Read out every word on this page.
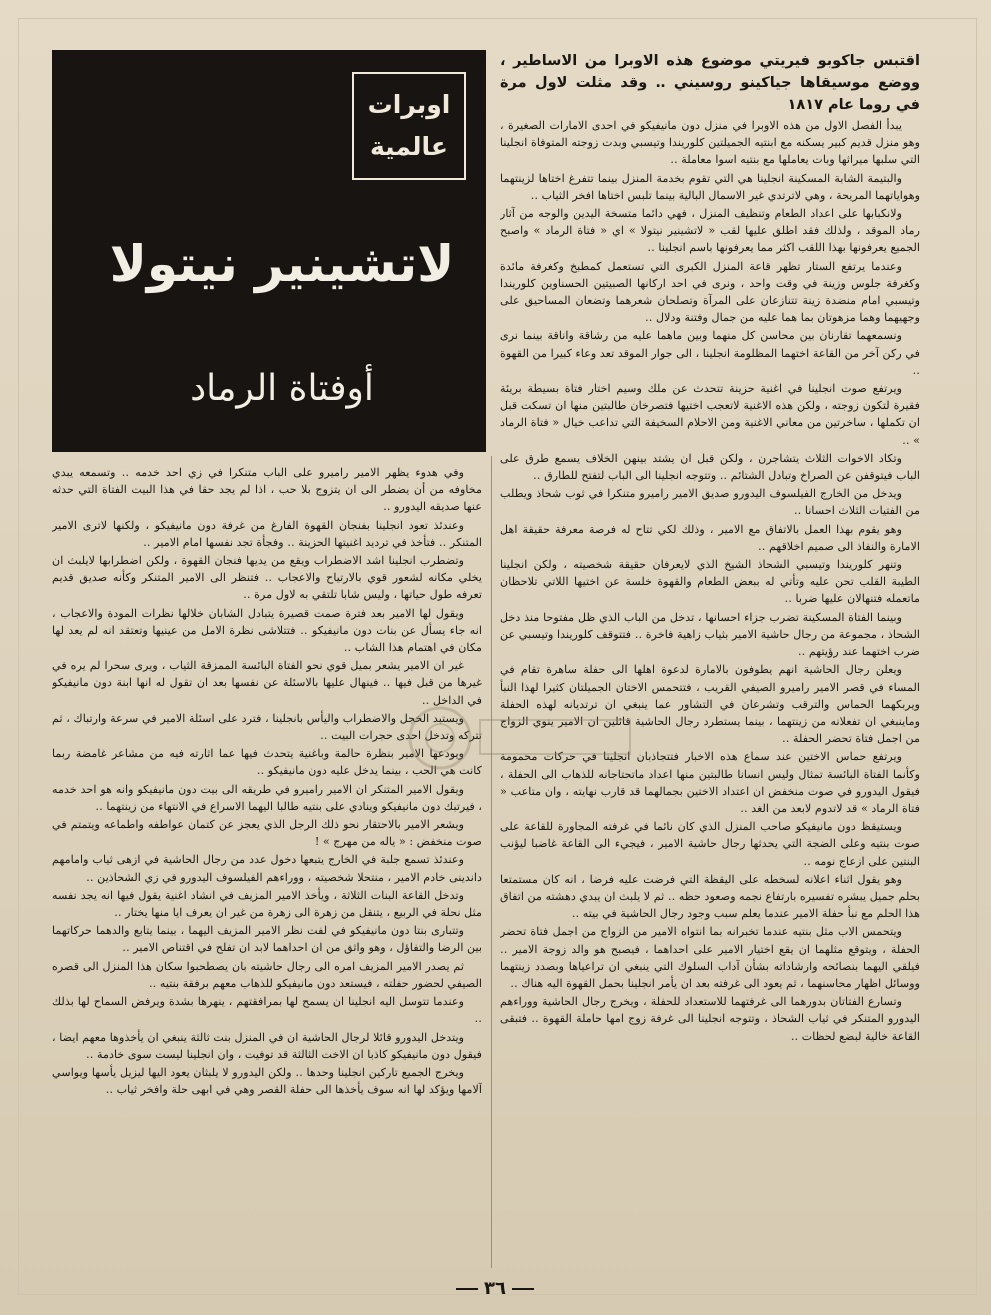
اوبرات
عالمية
لاتشينير نيتولا
أوفتاة الرماد

اقتبس جاكوبو فيريتي موضوع هذه الاوبرا من الاساطير ، ووضع موسيقاها جياكينو روسيني ‥ وقد مثلت لاول مرة في روما عام ١٨١٧

يبدأ الفصل الاول من هذه الاوبرا في منزل دون مانيفيكو في احدى الامارات الصغيرة ، وهو منزل قديم كبير يسكنه مع ابنتيه الجميلتين كلوريندا وتيسبي وبدت زوجته المتوفاة انجلينا التي سلبها ميراثها وبات يعاملها مع بنتيه اسوا معاملة ‥

والبتيمة الشابة المسكينة انجلينا هي التي تقوم بخدمة المنزل بينما تتفرغ اختاها لزينتهما وهواياتهما المريحة ، وهي لاترتدي غير الاسمال البالية بينما تلبس اختاها افخر الثياب ‥

ولانكبابها على اعداد الطعام وتنظيف المنزل ، فهي دائما متسخة اليدين والوجه من آثار رماد الموقد ، ولذلك فقد اطلق عليها لقب « لاتشينير نيتولا » اي « فتاة الرماد » واصبح الجميع يعرفونها بهذا اللقب اكثر مما يعرفونها باسم انجلينا ‥

وعندما يرتفع الستار تظهر قاعة المنزل الكبرى التي تستعمل كمطبخ وكغرفة مائدة وكغرفة جلوس وزينة في وقت واحد ، ونرى في احد اركانها الصبيتين الحسناوين كلوريندا وتيسبي امام منضدة زينة تتنازعان على المرآة وتصلحان شعرهما وتضعان المساحيق على وجهيهما وهما مزهوتان بما هما عليه من جمال وفتنة ودلال ‥

ونسمعهما تقارنان بين محاسن كل منهما وبين ماهما عليه من رشاقة واناقة بينما نرى في ركن آخر من القاعة اختهما المظلومة انجلينا ، الى جوار الموقد تعد وعاء كبيرا من القهوة ‥

ويرتفع صوت انجلينا في اغنية حزينة تتحدث عن ملك وسيم اختار فتاة بسيطة بريئة فقيرة لتكون زوجته ، ولكن هذه الاغنية لاتعجب اختيها فتصرخان طالبتين منها ان تسكت قبل ان تكملها ، ساخرتين من معاني الاغنية ومن الاحلام السخيفة التي تداعب خيال « فتاة الرماد » ‥

وتكاد الاخوات الثلاث يتشاجرن ، ولكن قبل ان يشتد بينهن الخلاف يسمع طرق على الباب فيتوقفن عن الصراخ وتبادل الشتائم ‥ وتتوجه انجلينا الى الباب لتفتح للطارق ‥

ويدخل من الخارج الفيلسوف اليدورو صديق الامير راميرو متنكرا في ثوب شحاذ ويطلب من الفتيات الثلاث احسانا ‥

وهو يقوم بهذا العمل بالاتفاق مع الامير ، وذلك لكي تتاح له فرصة معرفة حقيقة اهل الامارة والنفاذ الى صميم اخلاقهم ‥

وتنهر كلوريندا وتيسبي الشحاذ الشيخ الذي لايعرفان حقيقة شخصيته ، ولكن انجلينا الطيبة القلب تحن عليه وتأتي له ببعض الطعام والقهوة خلسة عن اختيها اللاتي تلاحظان ماتعمله فتنهالان عليها ضربا ‥

وبينما الفتاة المسكينة تضرب جزاء احسانها ، تدخل من الباب الذي ظل مفتوحا منذ دخل الشحاذ ، مجموعة من رجال حاشية الامير بثياب زاهية فاخرة ‥ فتتوقف كلوريندا وتيسبي عن ضرب اختهما عند رؤيتهم ‥

ويعلن رجال الحاشية انهم يطوفون بالامارة لدعوة اهلها الى حفلة ساهرة تقام في المساء في قصر الامير راميرو الصيفي القريب ، فتتحمس الاختان الجميلتان كثيرا لهذا النبأ ويربكهما الحماس والترقب وتشرعان في التشاور عما ينبغي ان ترتديانه لهذه الحفلة وماينبغي ان تفعلانه من زينتهما ، بينما يستطرد رجال الحاشية قائلين ان الامير ينوي الزواج من اجمل فتاة تحضر الحفلة ‥

ويرتفع حماس الاختين عند سماع هذه الاخبار فتتجاذبان انجلينا في حركات محمومة وكأنما الفتاة البائسة تمثال وليس انسانا طالبتين منها اعداد ماتحتاجانه للذهاب الى الحفلة ، فيقول اليدورو في صوت منخفض ان اعتداد الاختين بجمالهما قد قارب نهايته ، وان متاعب « فتاة الرماد » قد لاتدوم لابعد من الغد ‥

ويستيقظ دون مانيفيكو صاحب المنزل الذي كان نائما في غرفته المجاورة للقاعة على صوت بنتيه وعلى الضجة التي يحدثها رجال حاشية الامير ، فيجيء الى القاعة غاضبا ليؤنب البنتين على ازعاج نومه ‥

وهو يقول اثناء اعلانه لسخطه على اليقظة التي فرضت عليه فرضا ، انه كان مستمتعا بحلم جميل يبشره تفسيره بارتفاع نجمه وصعود حظه ‥ ثم لا يلبث ان يبدي دهشته من اتفاق هذا الحلم مع نبأ حفلة الامير عندما يعلم سبب وجود رجال الحاشية في بيته ‥

ويتحمس الاب مثل بنتيه عندما تخبرانه بما انتواه الامير من الزواج من اجمل فتاة تحضر الحفلة ، ويتوقع مثلهما ان يقع اختيار الامير على احداهما ، فيصبح هو والد زوجة الامير ‥ فيلقي اليهما بنصائحه وارشاداته بشأن آداب السلوك التي ينبغي ان تراعياها وبصدد زينتهما ووسائل اظهار محاسنهما ، ثم يعود الى غرفته بعد ان يأمر انجلينا بحمل القهوة اليه هناك ‥

وتسارع الفتاتان بدورهما الى غرفتهما للاستعداد للحفلة ، ويخرج رجال الحاشية ووراءهم اليدورو المتنكر في ثياب الشحاذ ، وتتوجه انجلينا الى غرفة زوج امها حاملة القهوة ‥ فتبقى القاعة خالية لبضع لحظات ‥

وفي هدوء يظهر الامير راميرو على الباب متنكرا في زي احد خدمه ‥ وتسمعه يبدي مخاوفه من أن يضطر الى ان يتزوج بلا حب ، اذا لم يجد حقا في هذا البيت الفتاة التي حدثه عنها صديقه اليدورو ‥

وعندئذ تعود انجلينا بفنجان القهوة الفارغ من غرفة دون مانيفيكو ، ولكنها لاترى الامير المتنكر ‥ فتأخذ في ترديد اغنيتها الحزينة ‥ وفجأة تجد نفسها امام الامير ‥

وتضطرب انجلينا اشد الاضطراب ويقع من يديها فنجان القهوة ، ولكن اضطرابها لايلبث ان يخلي مكانه لشعور قوي بالارتياح والاعجاب ‥ فتنظر الى الامير المتنكر وكأنه صديق قديم تعرفه طول حياتها ، وليس شابا تلتقي به لاول مرة ‥

ويقول لها الامير بعد فترة صمت قصيرة يتبادل الشابان خلالها نظرات المودة والاعجاب ، انه جاء يسأل عن بنات دون مانيفيكو ‥ فتتلاشى نظرة الامل من عينيها وتعتقد انه لم يعد لها مكان في اهتمام هذا الشاب ‥

غير ان الامير يشعر بميل قوي نحو الفتاة البائسة الممزقة الثياب ، ويرى سحرا لم يره في غيرها من قبل فيها ‥ فينهال عليها بالاسئلة عن نفسها بعد ان تقول له انها ابنة دون مانيفيكو في الداخل ‥

ويستبد الخجل والاضطراب واليأس بانجلينا ، فترد على اسئلة الامير في سرعة وارتباك ، ثم تتركه وتدخل احدى حجرات البيت ‥

ويودعها الامير بنظرة حالمة وباغنية يتحدث فيها عما اثارته فيه من مشاعر غامضة ربما كانت هي الحب ، بينما يدخل عليه دون مانيفيكو ‥

ويقول الامير المتنكر ان الامير راميرو في طريقه الى بيت دون مانيفيكو وانه هو احد خدمه ، فيرتبك دون مانيفيكو وينادي على بنتيه طالبا اليهما الاسراع في الانتهاء من زينتهما ‥

ويشعر الامير بالاحتقار نحو ذلك الرجل الذي يعجز عن كتمان عواطفه واطماعه ويتمتم في صوت منخفض : « ياله من مهرج » !

وعندئذ تسمع جلبة في الخارج يتبعها دخول عدد من رجال الحاشية في ازهى ثياب وامامهم داندينى خادم الامير ، منتحلا شخصيته ، ووراءهم الفيلسوف اليدورو في زي الشحاذين ‥

وتدخل القاعة البنات الثلاثة ، ويأخذ الامير المزيف في انشاد اغنية يقول فيها انه يجد نفسه مثل نحلة في الربيع ، يتنقل من زهرة الى زهرة من غير ان يعرف ايا منها يختار ‥

وتتبارى بنتا دون مانيفيكو في لفت نظر الامير المزيف اليهما ، بينما يتابع والدهما حركاتهما بين الرضا والتفاؤل ، وهو واثق من ان احداهما لابد ان تفلح في اقتناص الامير ‥

ثم يصدر الامير المزيف امره الى رجال حاشيته بان يصطحبوا سكان هذا المنزل الى قصره الصيفي لحضور حفلته ، فيستعد دون مانيفيكو للذهاب معهم برفقة بنتيه ‥

وعندما تتوسل اليه انجلينا ان يسمح لها بمرافقتهم ، ينهرها بشدة ويرفض السماح لها بذلك ‥

ويتدخل اليدورو قائلا لرجال الحاشية ان في المنزل بنت ثالثة ينبغي ان يأخذوها معهم ايضا ، فيقول دون مانيفيكو كاذبا ان الاخت الثالثة قد توفيت ، وان انجلينا ليست سوى خادمة ‥

ويخرج الجميع تاركين انجلينا وحدها ‥ ولكن اليدورو لا يلبثان يعود اليها ليزيل يأسها ويواسي آلامها ويؤكد لها انه سوف يأخذها الى حفلة القصر وهي في ابهى حلة وافخر ثياب ‥

٣٦
